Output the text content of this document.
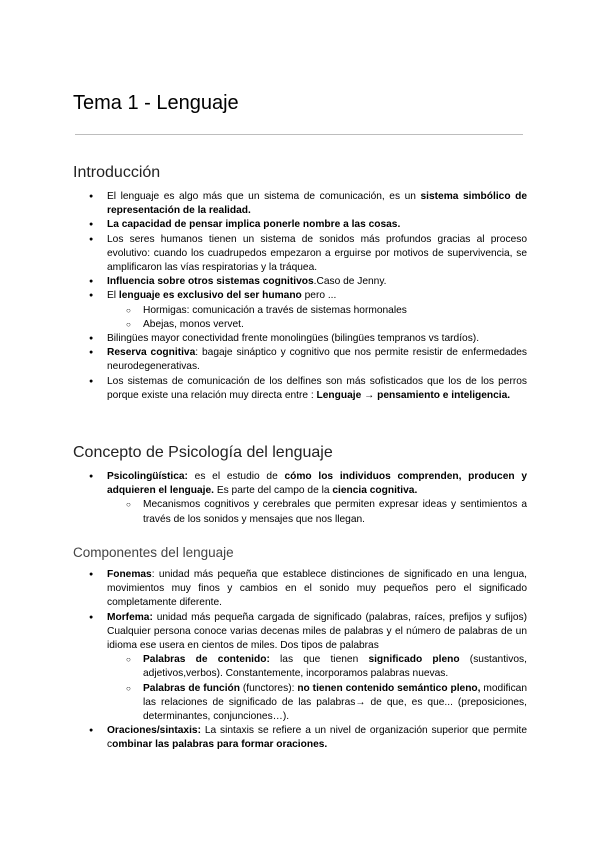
Tema 1 - Lenguaje
Introducción
● El lenguaje es algo más que un sistema de comunicación, es un sistema simbólico de representación de la realidad.
● La capacidad de pensar implica ponerle nombre a las cosas.
● Los seres humanos tienen un sistema de sonidos más profundos gracias al proceso evolutivo: cuando los cuadrupedos empezaron a erguirse por motivos de supervivencia, se amplificaron las vías respiratorias y la tráquea.
● Influencia sobre otros sistemas cognitivos.Caso de Jenny.
● El lenguaje es exclusivo del ser humano pero ...
○ Hormigas: comunicación a través de sistemas hormonales
○ Abejas, monos vervet.
● Bilingües mayor conectividad frente monolingües (bilingües tempranos vs tardíos).
● Reserva cognitiva: bagaje sináptico y cognitivo que nos permite resistir de enfermedades neurodegenerativas.
● Los sistemas de comunicación de los delfines son más sofisticados que los de los perros porque existe una relación muy directa entre : Lenguaje → pensamiento e inteligencia.
Concepto de Psicología del lenguaje
● Psicolingüística: es el estudio de cómo los individuos comprenden, producen y adquieren el lenguaje. Es parte del campo de la ciencia cognitiva.
○ Mecanismos cognitivos y cerebrales que permiten expresar ideas y sentimientos a través de los sonidos y mensajes que nos llegan.
Componentes del lenguaje
● Fonemas: unidad más pequeña que establece distinciones de significado en una lengua, movimientos muy finos y cambios en el sonido muy pequeños pero el significado completamente diferente.
● Morfema: unidad más pequeña cargada de significado (palabras, raíces, prefijos y sufijos) Cualquier persona conoce varias decenas miles de palabras y el número de palabras de un idioma ese usera en cientos de miles. Dos tipos de palabras
○ Palabras de contenido: las que tienen significado pleno (sustantivos, adjetivos,verbos). Constantemente, incorporamos palabras nuevas.
○ Palabras de función (functores): no tienen contenido semántico pleno, modifican las relaciones de significado de las palabras→ de que, es que... (preposiciones, determinantes, conjunciones…).
● Oraciones/sintaxis: La sintaxis se refiere a un nivel de organización superior que permite combinar las palabras para formar oraciones.
